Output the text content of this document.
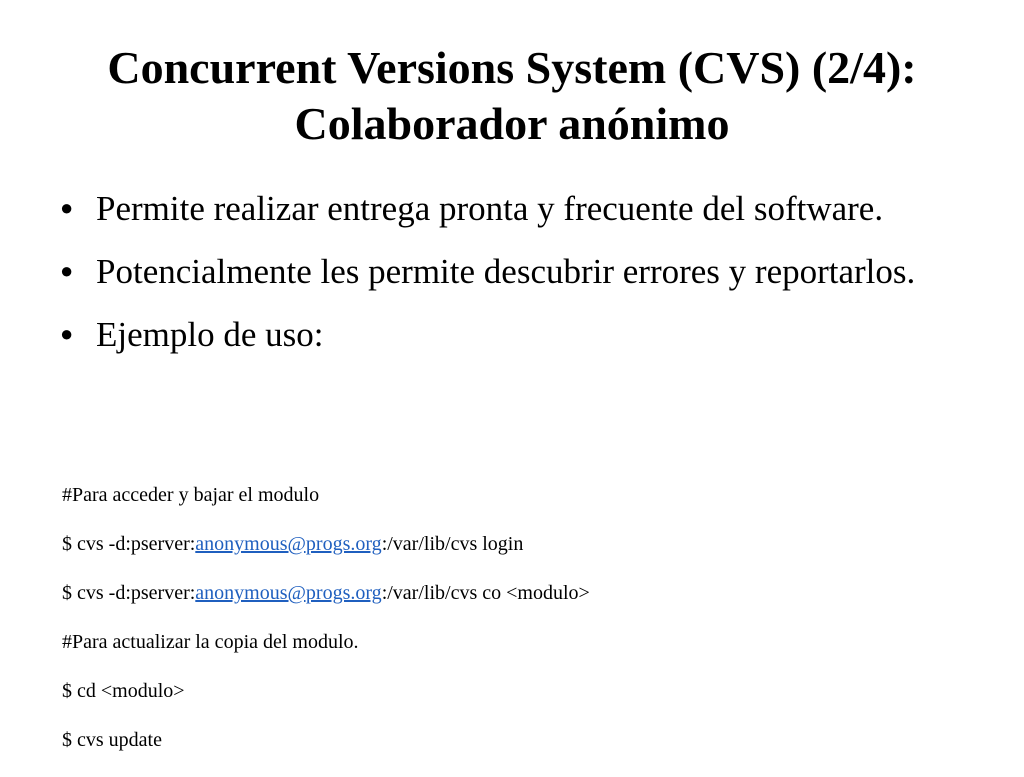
Concurrent Versions System (CVS) (2/4):
Colaborador anónimo
● Permite realizar entrega pronta y frecuente del software.
● Potencialmente les permite descubrir errores y reportarlos.
● Ejemplo de uso:
#Para acceder y bajar el modulo
$ cvs -d:pserver:anonymous@progs.org:/var/lib/cvs login
$ cvs -d:pserver:anonymous@progs.org:/var/lib/cvs co <modulo>
#Para actualizar la copia del modulo.
$ cd <modulo>
$ cvs update
